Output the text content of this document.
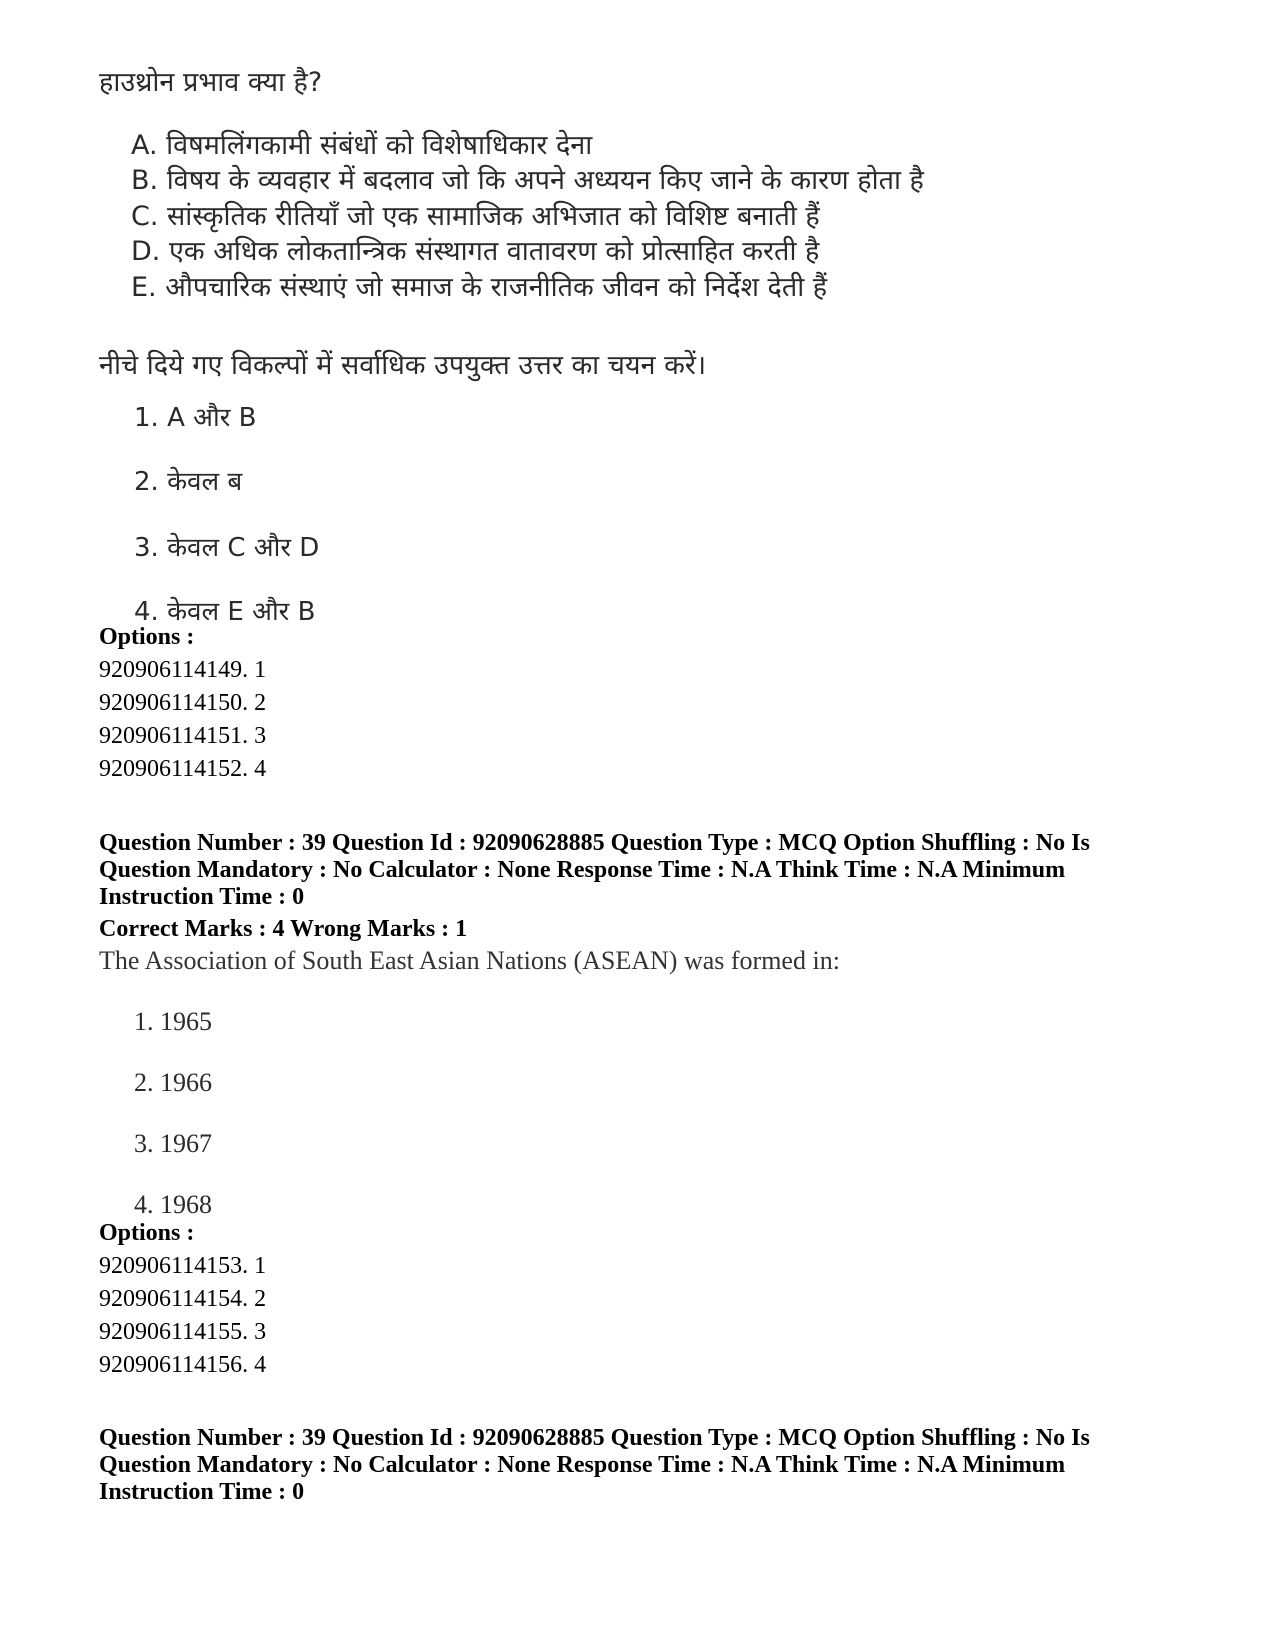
हाउथ्रोन प्रभाव क्या है?
A. विषमलिंगकामी संबंधों को विशेषाधिकार देना
B. विषय के व्यवहार में बदलाव जो कि अपने अध्ययन किए जाने के कारण होता है
C. सांस्कृतिक रीतियाँ जो एक सामाजिक अभिजात को विशिष्ट बनाती हैं
D. एक अधिक लोकतान्त्रिक संस्थागत वातावरण को प्रोत्साहित करती है
E. औपचारिक संस्थाएं जो समाज के राजनीतिक जीवन को निर्देश देती हैं
नीचे दिये गए विकल्पों में सर्वाधिक उपयुक्त उत्तर का चयन करें।
1. A और B
2. केवल ब
3. केवल C और D
4. केवल E और B
Options :
920906114149. 1
920906114150. 2
920906114151. 3
920906114152. 4
Question Number : 39 Question Id : 92090628885 Question Type : MCQ Option Shuffling : No Is
Question Mandatory : No Calculator : None Response Time : N.A Think Time : N.A Minimum
Instruction Time : 0
Correct Marks : 4 Wrong Marks : 1
The Association of South East Asian Nations (ASEAN) was formed in:
1. 1965
2. 1966
3. 1967
4. 1968
Options :
920906114153. 1
920906114154. 2
920906114155. 3
920906114156. 4
Question Number : 39 Question Id : 92090628885 Question Type : MCQ Option Shuffling : No Is
Question Mandatory : No Calculator : None Response Time : N.A Think Time : N.A Minimum
Instruction Time : 0
